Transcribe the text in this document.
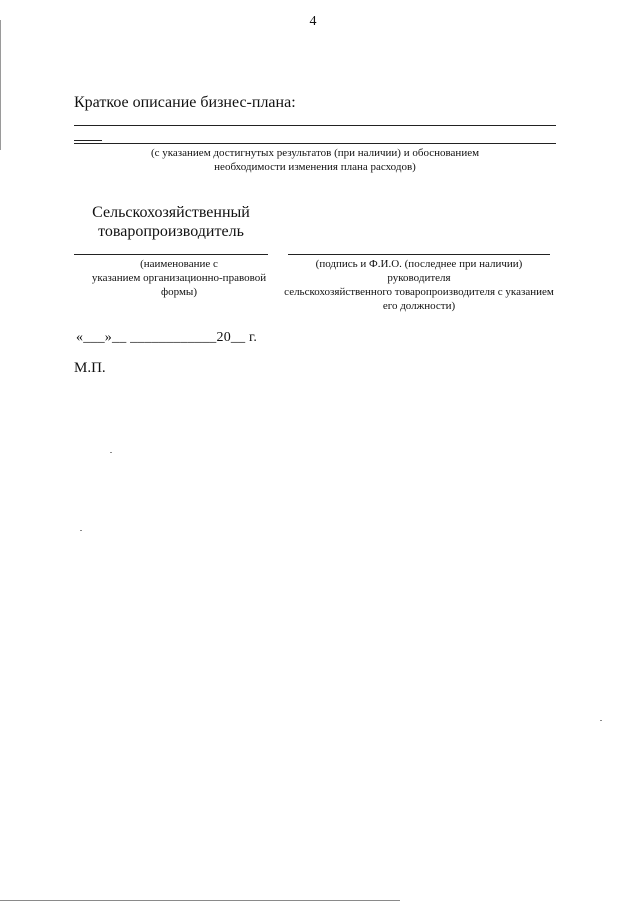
4
Краткое описание бизнес-плана:
(с указанием достигнутых результатов (при наличии) и обоснованием
необходимости изменения плана расходов)
Сельскохозяйственный
товаропроизводитель
(наименование с
указанием организационно-правовой
формы)
(подпись и Ф.И.О. (последнее при наличии) руководителя
сельскохозяйственного товаропроизводителя с указанием
его должности)
«___»__ ____________20__ г.
М.П.
